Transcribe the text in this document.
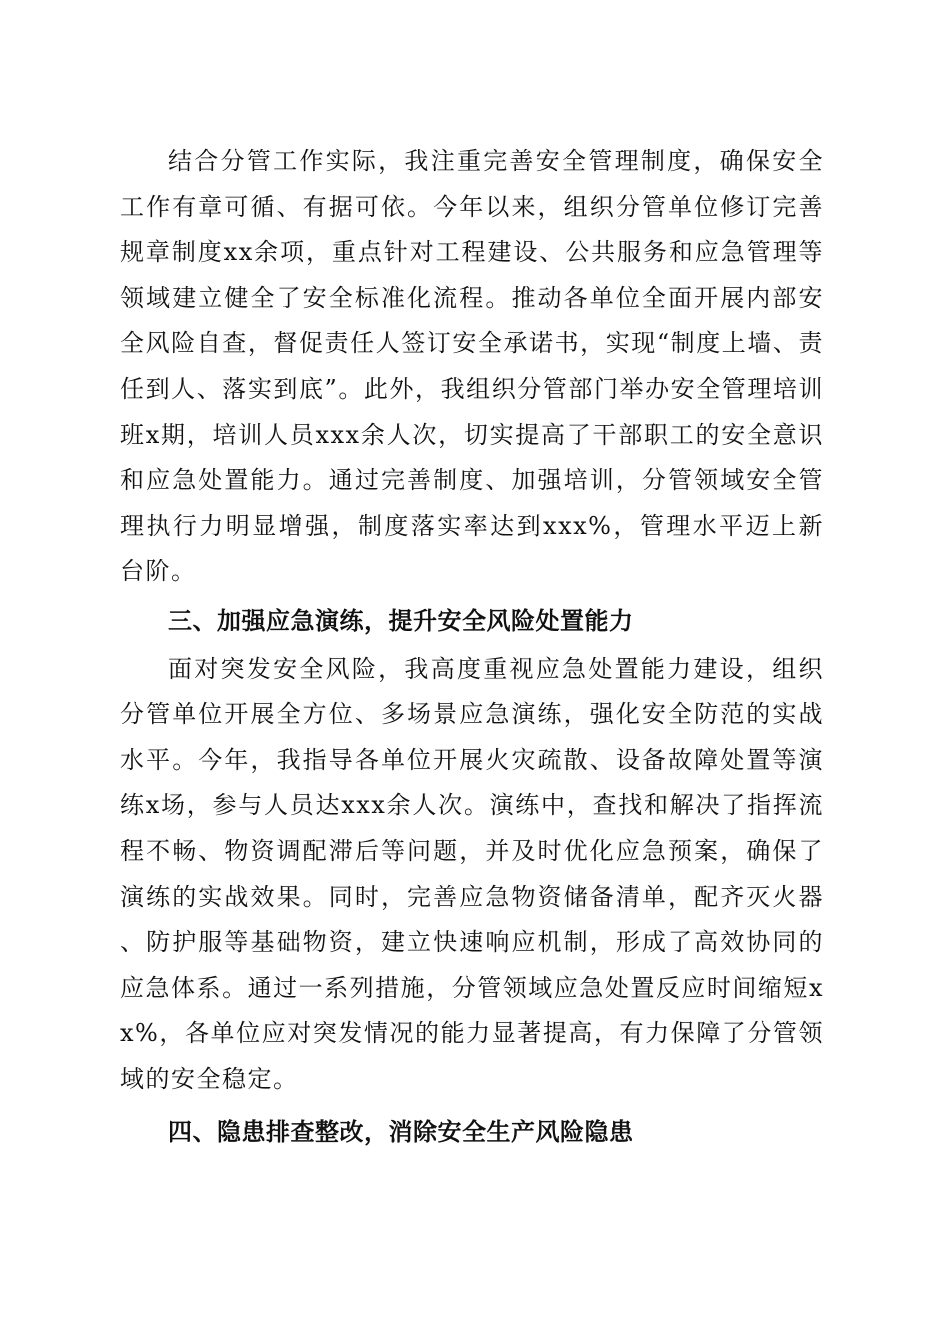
结合分管工作实际，我注重完善安全管理制度，确保安全工作有章可循、有据可依。今年以来，组织分管单位修订完善规章制度xx余项，重点针对工程建设、公共服务和应急管理等领域建立健全了安全标准化流程。推动各单位全面开展内部安全风险自查，督促责任人签订安全承诺书，实现“制度上墙、责任到人、落实到底”。此外，我组织分管部门举办安全管理培训班x期，培训人员xxx余人次，切实提高了干部职工的安全意识和应急处置能力。通过完善制度、加强培训，分管领域安全管理执行力明显增强，制度落实率达到xxx%，管理水平迈上新台阶。

三、加强应急演练，提升安全风险处置能力

面对突发安全风险，我高度重视应急处置能力建设，组织分管单位开展全方位、多场景应急演练，强化安全防范的实战水平。今年，我指导各单位开展火灾疏散、设备故障处置等演练x场，参与人员达xxx余人次。演练中，查找和解决了指挥流程不畅、物资调配滞后等问题，并及时优化应急预案，确保了演练的实战效果。同时，完善应急物资储备清单，配齐灭火器、防护服等基础物资，建立快速响应机制，形成了高效协同的应急体系。通过一系列措施，分管领域应急处置反应时间缩短xx%，各单位应对突发情况的能力显著提高，有力保障了分管领域的安全稳定。

四、隐患排查整改，消除安全生产风险隐患
